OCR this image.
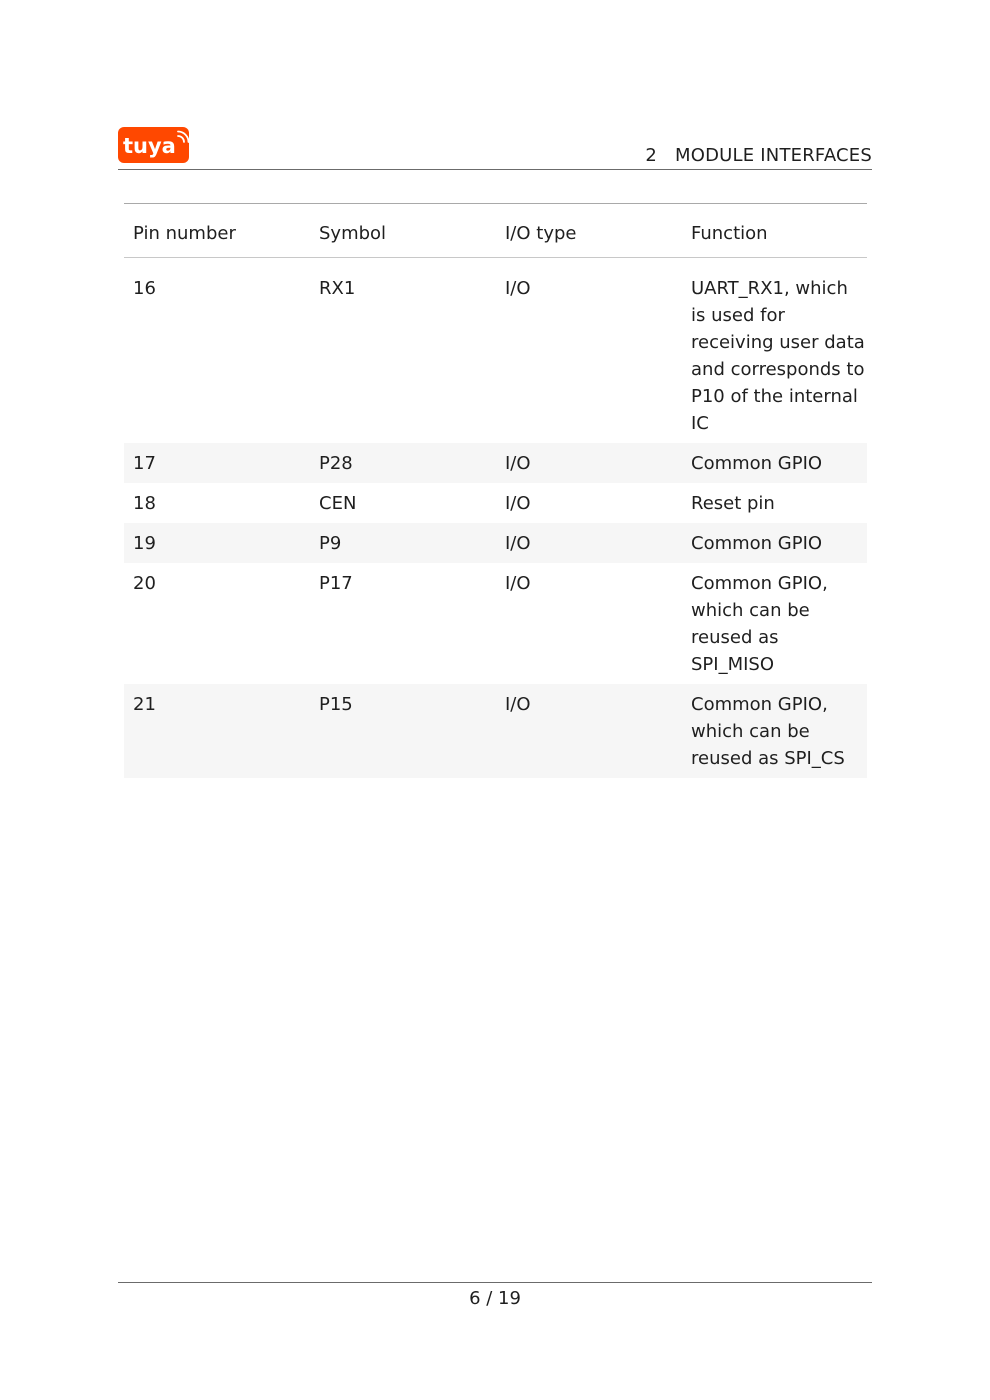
tuya	2 MODULE INTERFACES
Pin number	Symbol	I/O type	Function
16	RX1	I/O	UART_RX1, which is used for receiving user data and corresponds to P10 of the internal IC
17	P28	I/O	Common GPIO
18	CEN	I/O	Reset pin
19	P9	I/O	Common GPIO
20	P17	I/O	Common GPIO, which can be reused as SPI_MISO
21	P15	I/O	Common GPIO, which can be reused as SPI_CS
6 / 19
